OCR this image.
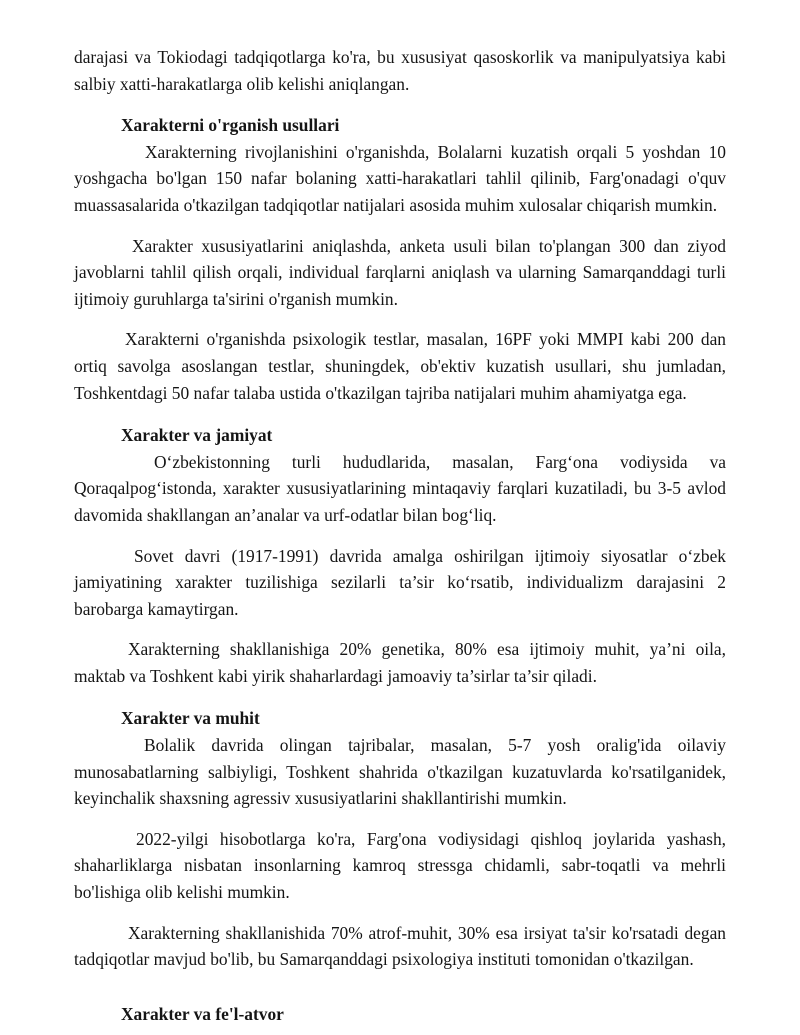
darajasi va Tokiodagi tadqiqotlarga ko'ra, bu xususiyat qasoskorlik va manipulyatsiya kabi salbiy xatti-harakatlarga olib kelishi aniqlangan.

Xarakterni o'rganish usullari

Xarakterning rivojlanishini o'rganishda, Bolalarni kuzatish orqali 5 yoshdan 10 yoshgacha bo'lgan 150 nafar bolaning xatti-harakatlari tahlil qilinib, Farg'onadagi o'quv muassasalarida o'tkazilgan tadqiqotlar natijalari asosida muhim xulosalar chiqarish mumkin.

Xarakter xususiyatlarini aniqlashda, anketa usuli bilan to'plangan 300 dan ziyod javoblarni tahlil qilish orqali, individual farqlarni aniqlash va ularning Samarqanddagi turli ijtimoiy guruhlarga ta'sirini o'rganish mumkin.

Xarakterni o'rganishda psixologik testlar, masalan, 16PF yoki MMPI kabi 200 dan ortiq savolga asoslangan testlar, shuningdek, ob'ektiv kuzatish usullari, shu jumladan, Toshkentdagi 50 nafar talaba ustida o'tkazilgan tajriba natijalari muhim ahamiyatga ega.

Xarakter va jamiyat

O‘zbekistonning turli hududlarida, masalan, Farg‘ona vodiysida va Qoraqalpog‘istonda, xarakter xususiyatlarining mintaqaviy farqlari kuzatiladi, bu 3-5 avlod davomida shakllangan an’analar va urf-odatlar bilan bog‘liq.

Sovet davri (1917-1991) davrida amalga oshirilgan ijtimoiy siyosatlar o‘zbek jamiyatining xarakter tuzilishiga sezilarli ta’sir ko‘rsatib, individualizm darajasini 2 barobarga kamaytirgan.

Xarakterning shakllanishiga 20% genetika, 80% esa ijtimoiy muhit, ya’ni oila, maktab va Toshkent kabi yirik shaharlardagi jamoaviy ta’sirlar ta’sir qiladi.

Xarakter va muhit

Bolalik davrida olingan tajribalar, masalan, 5-7 yosh oralig'ida oilaviy munosabatlarning salbiyligi, Toshkent shahrida o'tkazilgan kuzatuvlarda ko'rsatilganidek, keyinchalik shaxsning agressiv xususiyatlarini shakllantirishi mumkin.

2022-yilgi hisobotlarga ko'ra, Farg'ona vodiysidagi qishloq joylarida yashash, shaharliklarga nisbatan insonlarning kamroq stressga chidamli, sabr-toqatli va mehrli bo'lishiga olib kelishi mumkin.

Xarakterning shakllanishida 70% atrof-muhit, 30% esa irsiyat ta'sir ko'rsatadi degan tadqiqotlar mavjud bo'lib, bu Samarqanddagi psixologiya instituti tomonidan o'tkazilgan.

Xarakter va fe'l-atvor
